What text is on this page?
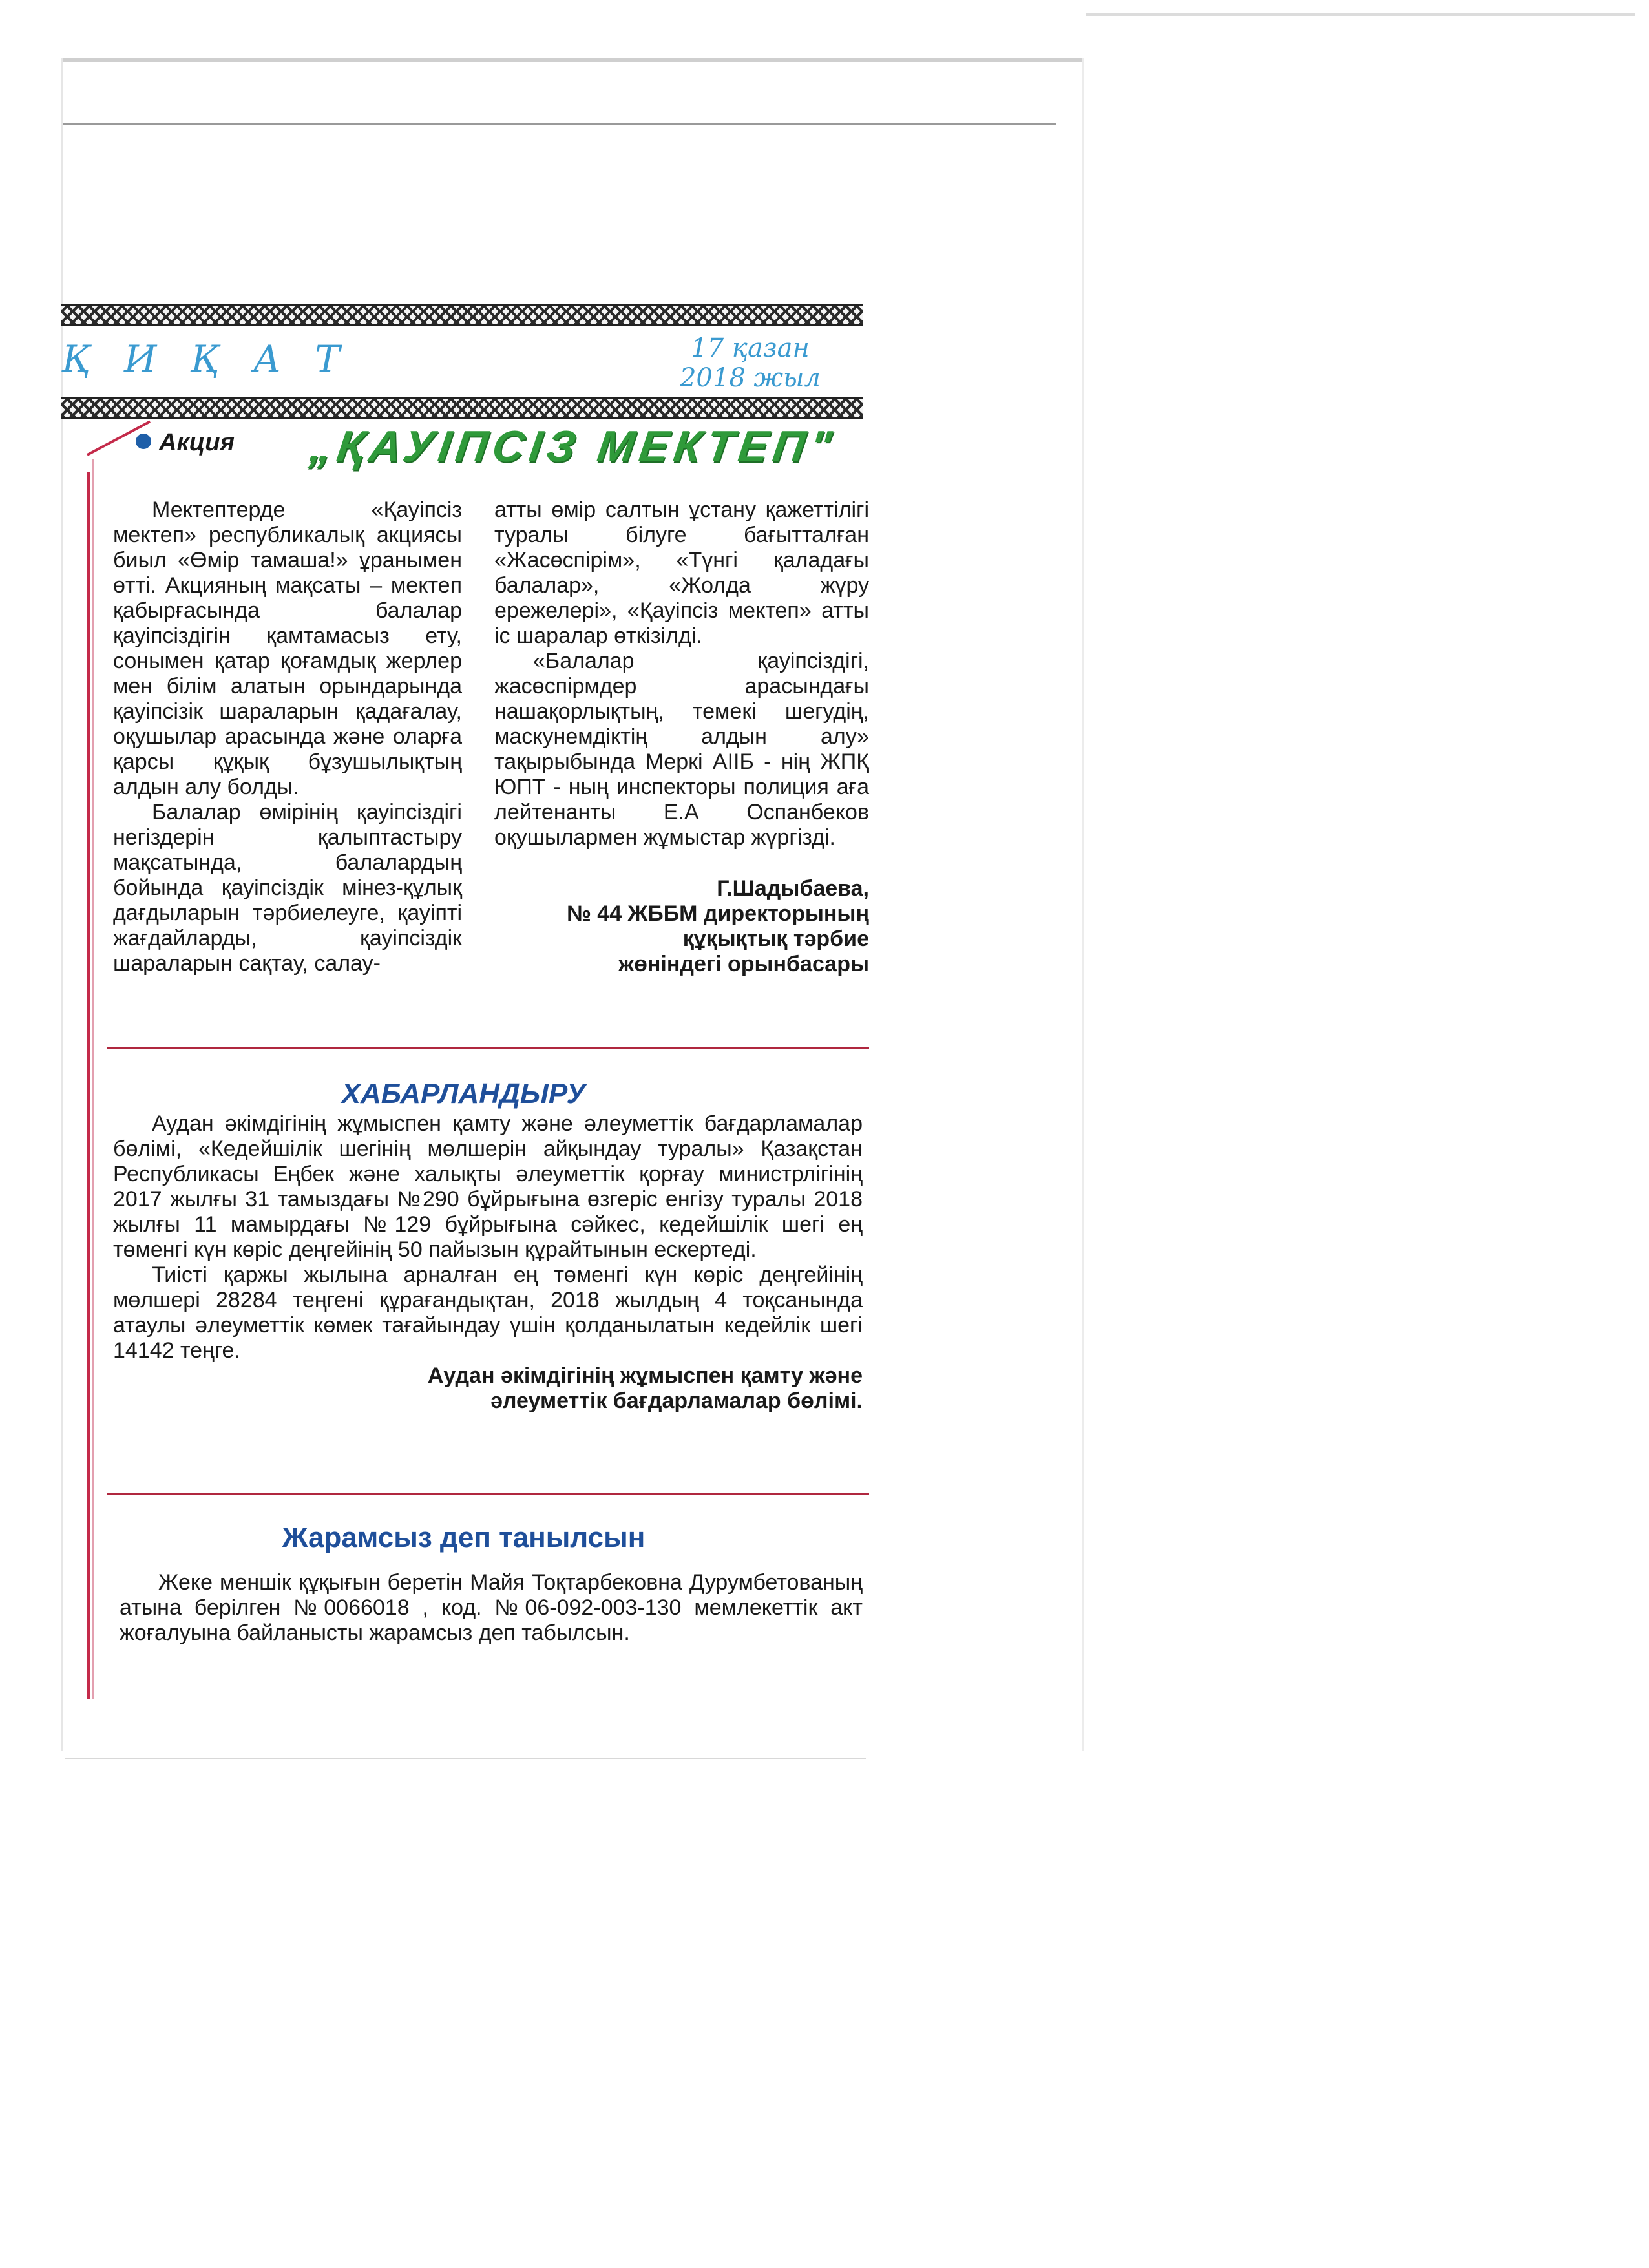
ҚИҚАТ	17 қазан
2018 жыл
Акция „ҚАУІПСІЗ МЕКТЕП"

Мектептерде «Қауіпсіз мектеп» республикалық акциясы биыл «Өмір тамаша!» ұранымен өтті. Акцияның мақсаты – мектеп қабырғасында балалар қауіпсіздігін қамтамасыз ету, сонымен қатар қоғамдық жерлер мен білім алатын орындарында қауіпсізік шараларын қадағалау, оқушылар арасында және оларға қарсы құқық бұзушылықтың алдын алу болды.

Балалар өмірінің қауіпсіздігі негіздерін қалыптастыру мақсатында, балалардың бойында қауіпсіздік мінез-құлық дағдыларын тәрбиелеуге, қауіпті жағдайларды, қауіпсіздік шараларын сақтау, салау-

атты өмір салтын ұстану қажеттілігі туралы білуге бағытталған «Жасөспірім», «Түнгі қаладағы балалар», «Жолда жүру ережелері», «Қауіпсіз мектеп» атты іс шаралар өткізілді.

«Балалар қауіпсіздігі, жасөспірмдер арасындағы нашақорлықтың, темекі шегудің, маскунемдіктің алдын алу» тақырыбында Меркі АІІБ - нің ЖПҚ ЮПТ - ның инспекторы полиция аға лейтенанты Е.А Оспанбеков оқушылармен жұмыстар жүргізді.

Г.Шадыбаева,

№ 44 ЖББМ директорының құқықтық тәрбие

жөніндегі орынбасары

ХАБАРЛАНДЫРУ

Аудан әкімдігінің жұмыспен қамту және әлеуметтік бағдарламалар бөлімі, «Кедейшілік шегінің мөлшерін айқындау туралы» Қазақстан Республикасы Еңбек және халықты әлеуметтік қорғау министрлігінің 2017 жылғы 31 тамыздағы №290 бұйрығына өзгеріс енгізу туралы 2018 жылғы 11 мамырдағы №129 бұйрығына сәйкес, кедейшілік шегі ең төменгі күн көріс деңгейінің 50 пайызын құрайтынын ескертеді.

Тиісті қаржы жылына арналған ең төменгі күн көріс деңгейінің мөлшері 28284 теңгені құрағандықтан, 2018 жылдың 4 тоқсанында атаулы әлеуметтік көмек тағайындау үшін қолданылатын кедейлік шегі 14142 теңге.

Аудан әкімдігінің жұмыспен қамту және
әлеуметтік бағдарламалар бөлімі.
Жарамсыз деп танылсын

Жеке меншік құқығын беретін Майя Тоқтарбековна Дурумбетованың атына берілген №0066018 , код. №06-092-003-130 мемлекеттік акт жоғалуына байланысты жарамсыз деп табылсын.
